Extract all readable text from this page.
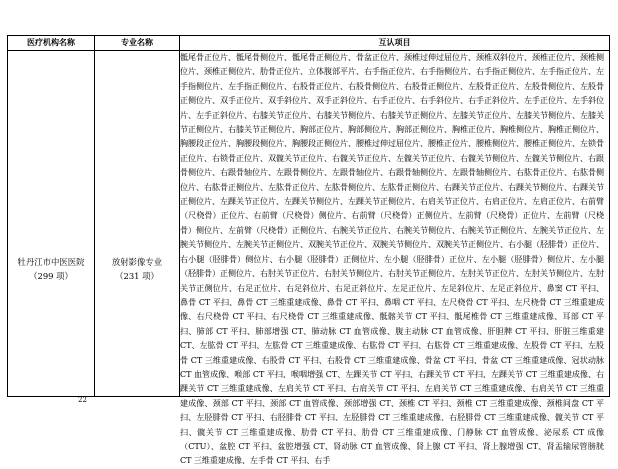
医疗机构名称	专业名称	互认项目
牡丹江市中医医院
（299 项）
放射影像专业
（231 项）
骶尾骨正位片、骶尾骨侧位片、骶尾骨正侧位片、骨盆正位片、颈椎过伸过屈位片、颈椎双斜位片、颈椎正位片、颈椎侧位片、颈椎正侧位片、肋骨正位片、立体腹部平片、右手指正位片、右手指侧位片、右手指正侧位片、左手指正位片、左手指侧位片、左手指正侧位片、右股骨正位片、右股骨侧位片、右股骨正侧位片、左股骨正位片、左股骨侧位片、左股骨正侧位片、双手正位片、双手斜位片、双手正斜位片、右手正位片、右手斜位片、右手正斜位片、左手正位片、左手斜位片、左手正斜位片、右膝关节正位片、右膝关节侧位片、右膝关节正侧位片、左膝关节正位片、左膝关节侧位片、左膝关节正侧位片、右膝关节正侧位片、胸部正位片、胸部侧位片、胸部正侧位片、胸椎正位片、胸椎侧位片、胸椎正侧位片、胸腰段正位片、胸腰段侧位片、胸腰段正侧位片、腰椎过伸过屈位片、腰椎正位片、腰椎侧位片、腰椎正侧位片、左锁骨正位片、右锁骨正位片、双髋关节正位片、右髋关节正位片、左髋关节正位片、右髋关节侧位片、左髋关节侧位片、右跟骨侧位片、右跟骨轴位片、左跟骨侧位片、左跟骨轴位片、右跟骨轴侧位片、左跟骨轴侧位片、右肱骨正位片、右肱骨侧位片、右肱骨正侧位片、左肱骨正位片、左肱骨侧位片、左肱骨正侧位片、右踝关节正位片、右踝关节侧位片、右踝关节正侧位片、左踝关节正位片、左踝关节侧位片、左踝关节正侧位片、右肩关节正位片、右肩正位片、左肩正位片、右前臂（尺桡骨）正位片、右前臂（尺桡骨）侧位片、右前臂（尺桡骨）正侧位片、左前臂（尺桡骨）正位片、左前臂（尺桡骨）侧位片、左前臂（尺桡骨）正侧位片、右腕关节正位片、右腕关节侧位片、右腕关节正侧位片、左腕关节正位片、左腕关节侧位片、左腕关节正侧位片、双腕关节正位片、双腕关节侧位片、双腕关节正侧位片、右小腿（胫腓骨）正位片、右小腿（胫腓骨）侧位片、右小腿（胫腓骨）正侧位片、左小腿（胫腓骨）正位片、左小腿（胫腓骨）侧位片、左小腿（胫腓骨）正侧位片、右肘关节正位片、右肘关节侧位片、右肘关节正侧位片、左肘关节正位片、左肘关节侧位片、左肘关节正侧位片、右足正位片、右足斜位片、右足正斜位片、左足正位片、左足斜位片、左足正斜位片、鼻窦 CT 平扫、鼻骨 CT 平扫、鼻骨 CT 三维重建成像、鼻骨 CT 平扫、鼻咽 CT 平扫、左尺桡骨 CT 平扫、左尺桡骨 CT 三维重建成像、右尺桡骨 CT 平扫、右尺桡骨 CT 三维重建成像、骶髂关节 CT 平扫、骶尾椎骨 CT 三维重建成像、耳部 CT 平扫、肺部 CT 平扫、肺部增强 CT、肺动脉 CT 血管成像、腹主动脉 CT 血管成像、肝胆脾 CT 平扫、肝脏三维重建 CT、左肱骨 CT 平扫、左肱骨 CT 三维重建成像、右肱骨 CT 平扫、右肱骨 CT 三维重建成像、左股骨 CT 平扫、左股骨 CT 三维重建成像、右股骨 CT 平扫、右股骨 CT 三维重建成像、骨盆 CT 平扫、骨盆 CT 三维重建成像、冠状动脉 CT 血管成像、喉部 CT 平扫、喉咽增强 CT、左踝关节 CT 平扫、右踝关节 CT 平扫、左踝关节 CT 三维重建成像、右踝关节 CT 三维重建成像、左肩关节 CT 平扫、右肩关节 CT 平扫、左肩关节 CT 三维重建成像、右肩关节 CT 三维重建成像、颈部 CT 平扫、颈部 CT 血管成像、颈部增强 CT、颈椎 CT 平扫、颈椎 CT 三维重建成像、颈椎间盘 CT 平扫、左胫腓骨 CT 平扫、右胫腓骨 CT 平扫、左胫腓骨 CT 三维重建成像、右胫腓骨 CT 三维重建成像、髋关节 CT 平扫、髋关节 CT 三维重建成像、肋骨 CT 平扫、肋骨 CT 三维重建成像、门静脉 CT 血管成像、泌尿系 CT 成像（CTU）、盆腔 CT 平扫、盆腔增强 CT、肾动脉 CT 血管成像、肾上腺 CT 平扫、肾上腺增强 CT、肾盂输尿管膀胱 CT 三维重建成像、左手骨 CT 平扫、右手
22
